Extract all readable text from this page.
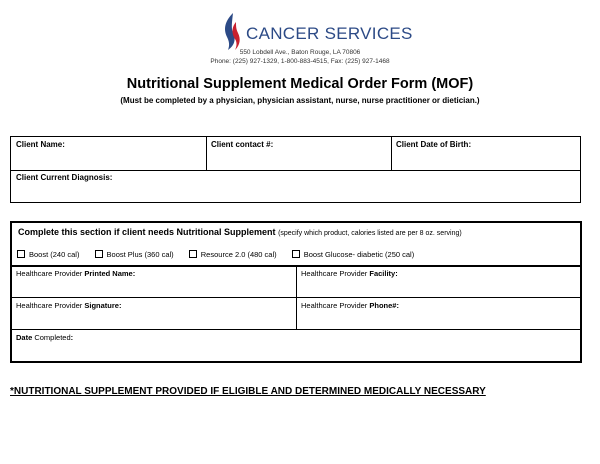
CANCER SERVICES
550 Lobdell Ave., Baton Rouge, LA 70806
Phone: (225) 927-1329, 1-800-883-4515, Fax: (225) 927-1468
Nutritional Supplement Medical Order Form (MOF)
(Must be completed by a physician, physician assistant, nurse, nurse practitioner or dietician.)
Client Name:	Client contact #:	Client Date of Birth:
Client Current Diagnosis:
Complete this section if client needs Nutritional Supplement (specify which product, calories listed are per 8 oz. serving)
Boost (240 cal)	Boost Plus (360 cal)	Resource 2.0 (480 cal)	Boost Glucose- diabetic (250 cal)
Healthcare Provider Printed Name:	Healthcare Provider Facility:
Healthcare Provider Signature:	Healthcare Provider Phone#:
Date Completed:
*NUTRITIONAL SUPPLEMENT PROVIDED IF ELIGIBLE AND DETERMINED MEDICALLY NECESSARY
